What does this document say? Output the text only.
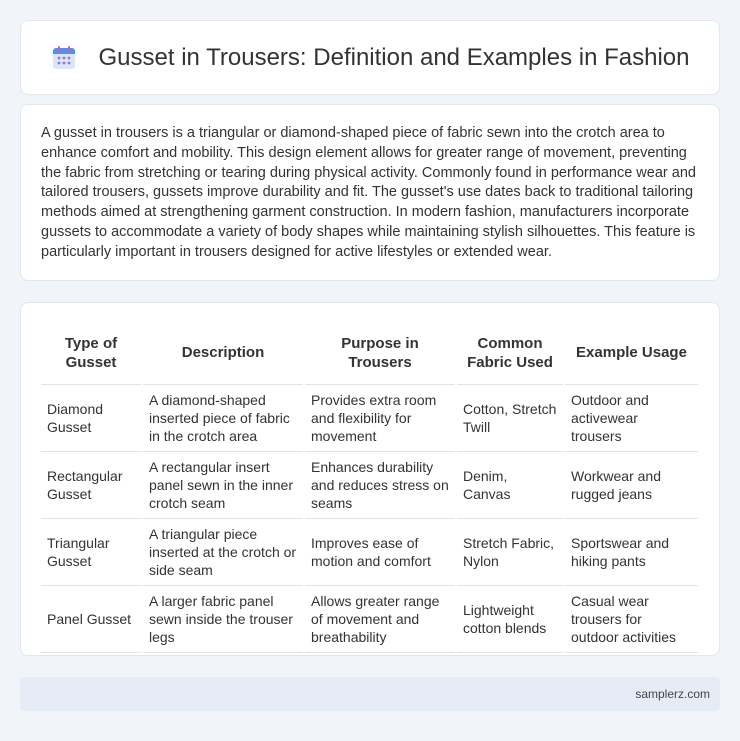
Gusset in Trousers: Definition and Examples in Fashion

A gusset in trousers is a triangular or diamond-shaped piece of fabric sewn into the crotch area to enhance comfort and mobility. This design element allows for greater range of movement, preventing the fabric from stretching or tearing during physical activity. Commonly found in performance wear and tailored trousers, gussets improve durability and fit. The gusset's use dates back to traditional tailoring methods aimed at strengthening garment construction. In modern fashion, manufacturers incorporate gussets to accommodate a variety of body shapes while maintaining stylish silhouettes. This feature is particularly important in trousers designed for active lifestyles or extended wear.

Type of Gusset	Description	Purpose in Trousers	Common Fabric Used	Example Usage
Diamond Gusset	A diamond-shaped inserted piece of fabric in the crotch area	Provides extra room and flexibility for movement	Cotton, Stretch Twill	Outdoor and activewear trousers
Rectangular Gusset	A rectangular insert panel sewn in the inner crotch seam	Enhances durability and reduces stress on seams	Denim, Canvas	Workwear and rugged jeans
Triangular Gusset	A triangular piece inserted at the crotch or side seam	Improves ease of motion and comfort	Stretch Fabric, Nylon	Sportswear and hiking pants
Panel Gusset	A larger fabric panel sewn inside the trouser legs	Allows greater range of movement and breathability	Lightweight cotton blends	Casual wear trousers for outdoor activities
samplerz.com
